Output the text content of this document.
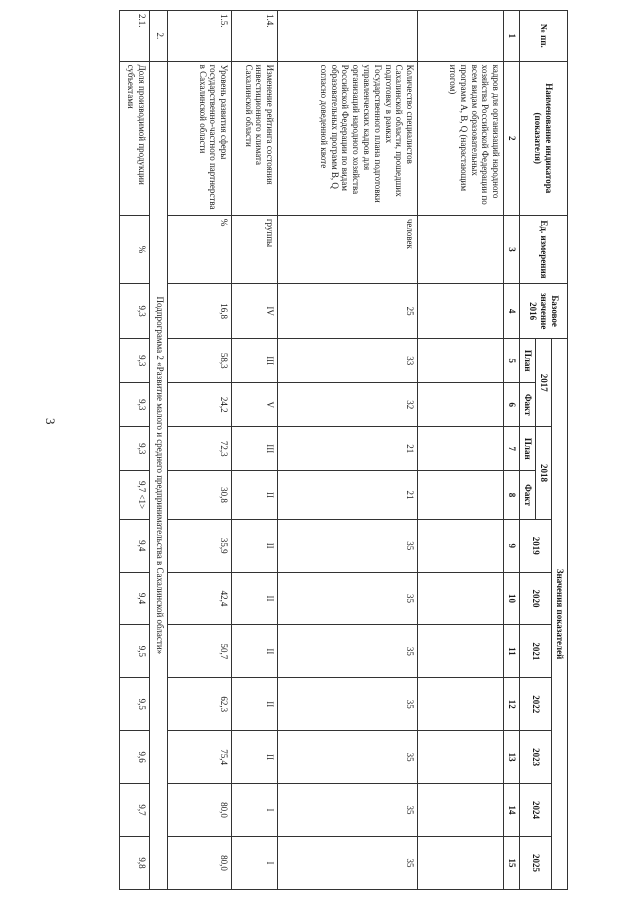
3
№ пп.	Наименование индикатора (показателя)	Ед. измерения	Базовое значение 2016	Значения показателей										
				2017		2018		2019	2020	2021	2022	2023	2024	2025
				План	Факт	План	Факт							
1	2	3	4	5	6	7	8	9	10	11	12	13	14	15
	кадров для организаций народного хозяйства Российской Федерации по всем видам образовательных программ A, B, Q (нарастающим итогом)													
	Количество специалистов Сахалинской области, прошедших подготовку в рамках Государственного плана подготовки управленческих кадров для организаций народного хозяйства Российской Федерации по видам образовательных программ B, Q согласно доведенной квоте	человек	25	33	32	21	21	35	35	35	35	35	35	35
1.4.	Изменение рейтинга состояния инвестиционного климата Сахалинской области	группы	IV	III	V	III	II	II	II	II	II	II	I	I
1.5.	Уровень развития сферы государственно-частного партнерства в Сахалинской области	%	16,8	58,3	24,2	72,3	30,8	35,9	42,4	50,7	62,3	75,4	80,0	80,0
2.	Подпрограмма 2 «Развитие малого и среднего предпринимательства в Сахалинской области»													
2.1.	Доля производимой продукции субъектами	%	9,3	9,3	9,3	9,3	9,7 <1>	9,4	9,4	9,5	9,5	9,6	9,7	9,8
